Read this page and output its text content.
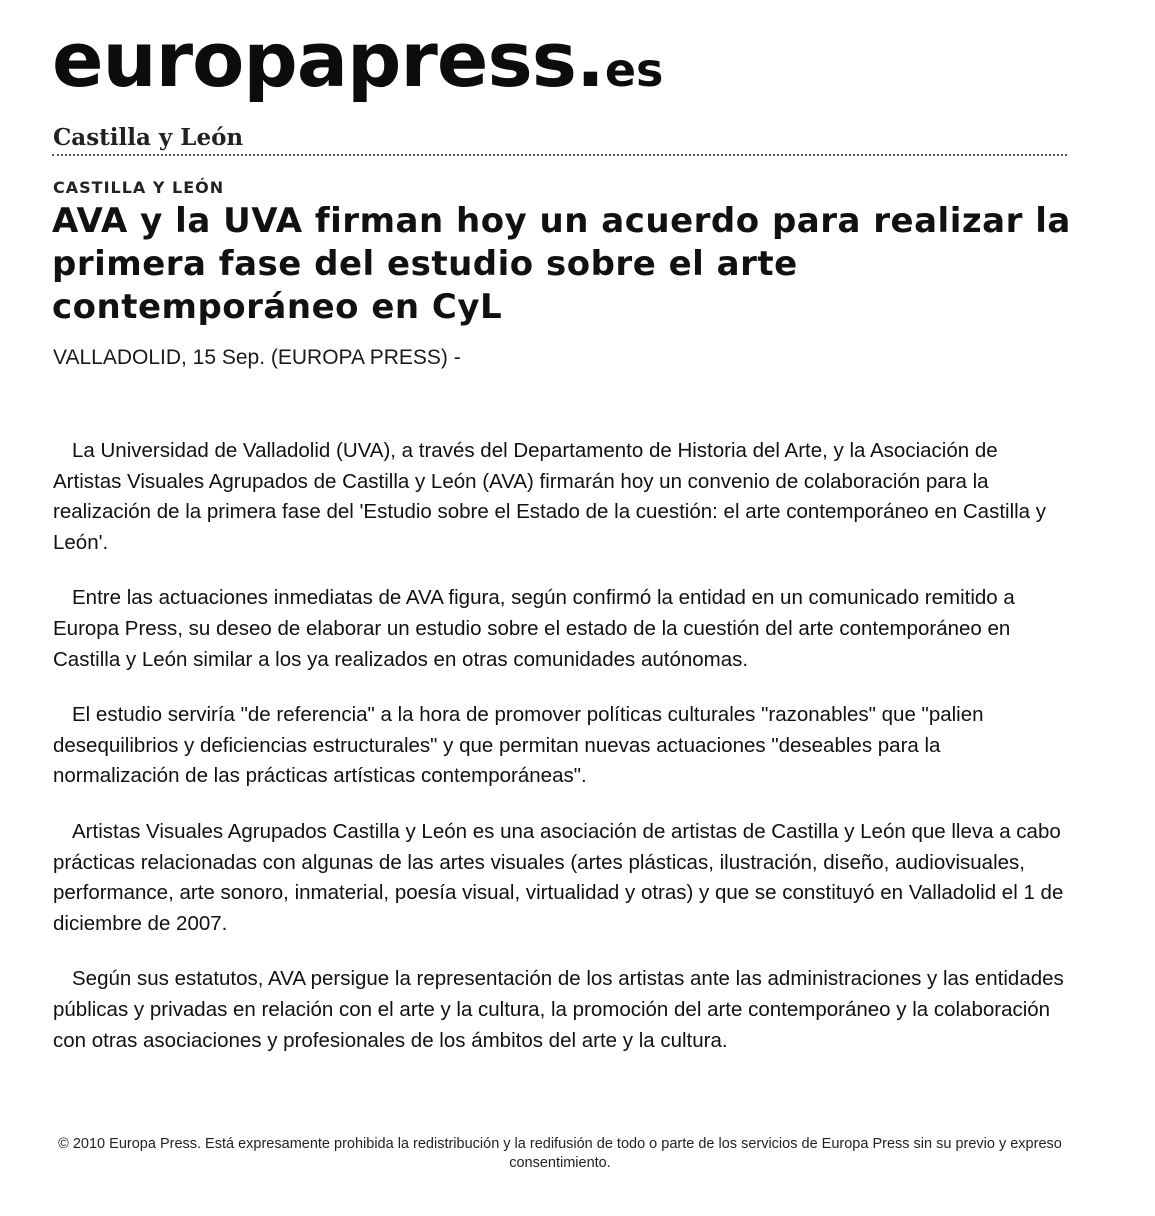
europapress.es
Castilla y León
CASTILLA Y LEÓN
AVA y la UVA firman hoy un acuerdo para realizar la primera fase del estudio sobre el arte contemporáneo en CyL
VALLADOLID, 15 Sep. (EUROPA PRESS) -

La Universidad de Valladolid (UVA), a través del Departamento de Historia del Arte, y la Asociación de Artistas Visuales Agrupados de Castilla y León (AVA) firmarán hoy un convenio de colaboración para la realización de la primera fase del 'Estudio sobre el Estado de la cuestión: el arte contemporáneo en Castilla y León'.

Entre las actuaciones inmediatas de AVA figura, según confirmó la entidad en un comunicado remitido a Europa Press, su deseo de elaborar un estudio sobre el estado de la cuestión del arte contemporáneo en Castilla y León similar a los ya realizados en otras comunidades autónomas.

El estudio serviría "de referencia" a la hora de promover políticas culturales "razonables" que "palien desequilibrios y deficiencias estructurales" y que permitan nuevas actuaciones "deseables para la normalización de las prácticas artísticas contemporáneas".

Artistas Visuales Agrupados Castilla y León es una asociación de artistas de Castilla y León que lleva a cabo prácticas relacionadas con algunas de las artes visuales (artes plásticas, ilustración, diseño, audiovisuales, performance, arte sonoro, inmaterial, poesía visual, virtualidad y otras) y que se constituyó en Valladolid el 1 de diciembre de 2007.

Según sus estatutos, AVA persigue la representación de los artistas ante las administraciones y las entidades públicas y privadas en relación con el arte y la cultura, la promoción del arte contemporáneo y la colaboración con otras asociaciones y profesionales de los ámbitos del arte y la cultura.

© 2010 Europa Press. Está expresamente prohibida la redistribución y la redifusión de todo o parte de los servicios de Europa Press sin su previo y expreso consentimiento.
